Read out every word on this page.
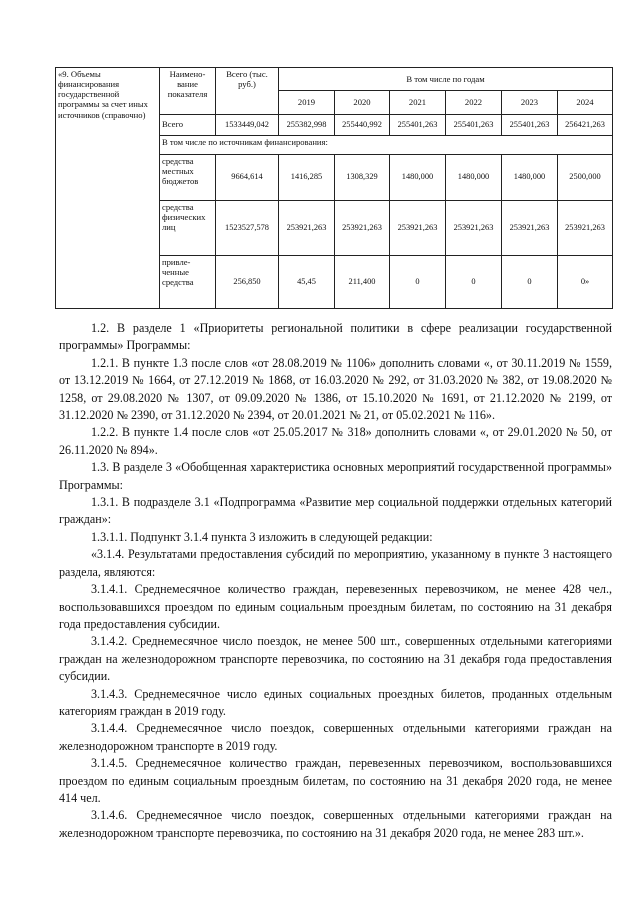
«9. Объемы финансирования государственной программы за счет иных источников (справочно)	Наимено-вание показателя	Всего (тыс. руб.)	В том числе по годам					
			2019	2020	2021	2022	2023	2024
	Всего	1533449,042	255382,998	255440,992	255401,263	255401,263	255401,263	256421,263
	В том числе по источникам финансирования:							
	средства местных бюджетов	9664,614	1416,285	1308,329	1480,000	1480,000	1480,000	2500,000
	средства физических лиц	1523527,578	253921,263	253921,263	253921,263	253921,263	253921,263	253921,263
	привле-ченные средства	256,850	45,45	211,400	0	0	0	0»

1.2. В разделе 1 «Приоритеты региональной политики в сфере реализации государственной программы» Программы:

1.2.1. В пункте 1.3 после слов «от 28.08.2019 № 1106» дополнить словами «, от 30.11.2019 № 1559, от 13.12.2019 № 1664, от 27.12.2019 № 1868, от 16.03.2020 № 292, от 31.03.2020 № 382, от 19.08.2020 № 1258, от 29.08.2020 № 1307, от 09.09.2020 № 1386, от 15.10.2020 № 1691, от 21.12.2020 № 2199, от 31.12.2020 № 2390, от 31.12.2020 № 2394, от 20.01.2021 № 21, от 05.02.2021 № 116».

1.2.2. В пункте 1.4 после слов «от 25.05.2017 № 318» дополнить словами «, от 29.01.2020 № 50, от 26.11.2020 № 894».

1.3. В разделе 3 «Обобщенная характеристика основных мероприятий государственной программы» Программы:

1.3.1. В подразделе 3.1 «Подпрограмма «Развитие мер социальной поддержки отдельных категорий граждан»:

1.3.1.1. Подпункт 3.1.4 пункта 3 изложить в следующей редакции:

«3.1.4. Результатами предоставления субсидий по мероприятию, указанному в пункте 3 настоящего раздела, являются:

3.1.4.1. Среднемесячное количество граждан, перевезенных перевозчиком, не менее 428 чел., воспользовавшихся проездом по единым социальным проездным билетам, по состоянию на 31 декабря года предоставления субсидии.

3.1.4.2. Среднемесячное число поездок, не менее 500 шт., совершенных отдельными категориями граждан на железнодорожном транспорте перевозчика, по состоянию на 31 декабря года предоставления субсидии.

3.1.4.3. Среднемесячное число единых социальных проездных билетов, проданных отдельным категориям граждан в 2019 году.

3.1.4.4. Среднемесячное число поездок, совершенных отдельными категориями граждан на железнодорожном транспорте в 2019 году.

3.1.4.5. Среднемесячное количество граждан, перевезенных перевозчиком, воспользовавшихся проездом по единым социальным проездным билетам, по состоянию на 31 декабря 2020 года, не менее 414 чел.

3.1.4.6. Среднемесячное число поездок, совершенных отдельными категориями граждан на железнодорожном транспорте перевозчика, по состоянию на 31 декабря 2020 года, не менее 283 шт.».
